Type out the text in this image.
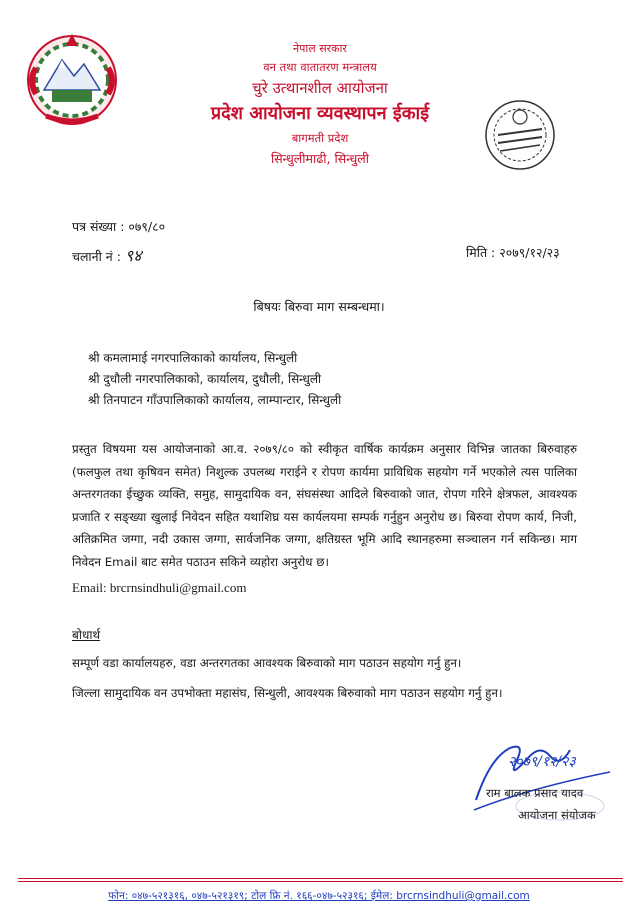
नेपाल सरकार
वन तथा वातातरण मन्त्रालय
चुरे उत्थानशील आयोजना
प्रदेश आयोजना व्यवस्थापन ईकाई
बागमती प्रदेश
सिन्धुलीमाढी, सिन्धुली
पत्र संख्या : ०७९/८०
चलानी नं : ९४	मिति : २०७९/१२/२३
बिषयः बिरुवा माग सम्बन्धमा।
श्री कमलामाई नगरपालिकाको कार्यालय, सिन्धुली
श्री दुधौली नगरपालिकाको, कार्यालय, दुधौली, सिन्धुली
श्री तिनपाटन गाँउपालिकाको कार्यालय, लाम्पान्टार, सिन्धुली
प्रस्तुत विषयमा यस आयोजनाको आ.व. २०७९/८० को स्वीकृत वार्षिक कार्यक्रम अनुसार विभिन्न जातका बिरुवाहरु (फलफुल तथा कृषिवन समेत) निशुल्क उपलब्ध गराईने र रोपण कार्यमा प्राविधिक सहयोग गर्ने भएकोले त्यस पालिका अन्तरगतका ईच्छुक व्यक्ति, समुह, सामुदायिक वन, संघसंस्था आदिले बिरुवाको जात, रोपण गरिने क्षेत्रफल, आवश्यक प्रजाति र सङ्ख्या खुलाई निवेदन सहित यथाशिघ्र यस कार्यलयमा सम्पर्क गर्नुहुन अनुरोध छ। बिरुवा रोपण कार्य, निजी, अतिक्रमित जग्गा, नदी उकास जग्गा, सार्वजनिक जग्गा, क्षतिग्रस्त भूमि आदि स्थानहरुमा सञ्चालन गर्न सकिन्छ। माग निवेदन Email बाट समेत पठाउन सकिने व्यहोरा अनुरोध छ।
Email: brcrnsindhuli@gmail.com
बोधार्थ
सम्पूर्ण वडा कार्यालयहरु, वडा अन्तरगतका आवश्यक बिरुवाको माग पठाउन सहयोग गर्नु हुन।
जिल्ला सामुदायिक वन उपभोक्ता महासंघ, सिन्धुली, आवश्यक बिरुवाको माग पठाउन सहयोग गर्नु हुन।
२०७९/१२/२३
राम बालक प्रसाद यादव
आयोजना संयोजक
फोन: ०४७-५२१३१६, ०४७-५२१३१९; टोल फ्रि नं. १६६-०४७-५२३१६; ईमेल: brcrnsindhuli@gmail.com
